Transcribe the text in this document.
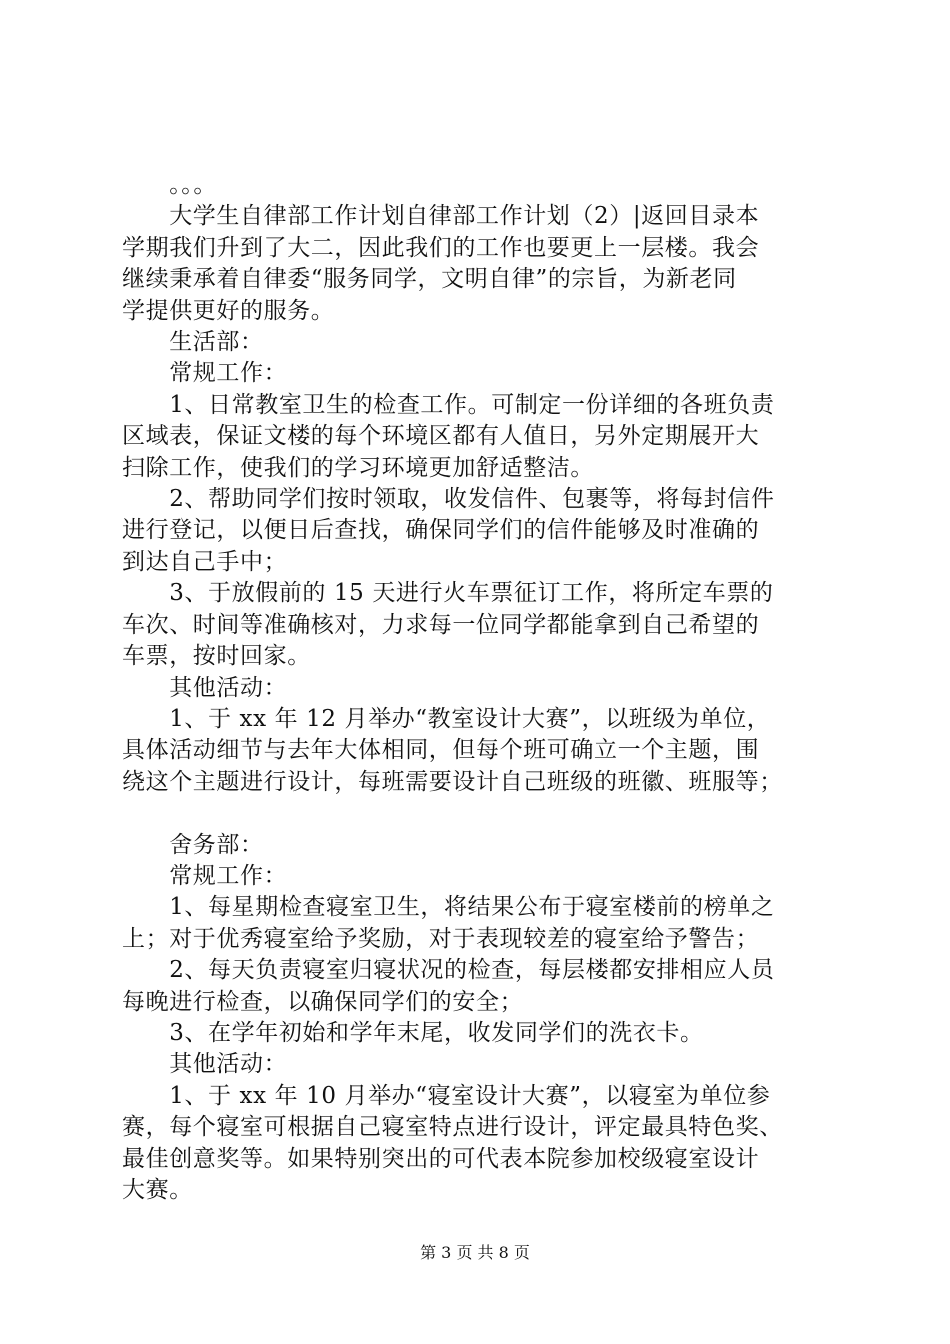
　　。。。
　　大学生自律部工作计划自律部工作计划（2）|返回目录本
学期我们升到了大二，因此我们的工作也要更上一层楼。我会
继续秉承着自律委“服务同学，文明自律”的宗旨，为新老同
学提供更好的服务。
　　生活部：
　　常规工作：
　　1、日常教室卫生的检查工作。可制定一份详细的各班负责
区域表，保证文楼的每个环境区都有人值日，另外定期展开大
扫除工作，使我们的学习环境更加舒适整洁。
　　2、帮助同学们按时领取，收发信件、包裹等，将每封信件
进行登记，以便日后查找，确保同学们的信件能够及时准确的
到达自己手中；
　　3、于放假前的 15 天进行火车票征订工作，将所定车票的
车次、时间等准确核对，力求每一位同学都能拿到自己希望的
车票，按时回家。
　　其他活动：
　　1、于 xx 年 12 月举办“教室设计大赛”，以班级为单位，
具体活动细节与去年大体相同，但每个班可确立一个主题，围
绕这个主题进行设计，每班需要设计自己班级的班徽、班服等；
　　舍务部：
　　常规工作：
　　1、每星期检查寝室卫生，将结果公布于寝室楼前的榜单之
上；对于优秀寝室给予奖励，对于表现较差的寝室给予警告；
　　2、每天负责寝室归寝状况的检查，每层楼都安排相应人员
每晚进行检查，以确保同学们的安全；
　　3、在学年初始和学年末尾，收发同学们的洗衣卡。
　　其他活动：
　　1、于 xx 年 10 月举办“寝室设计大赛”，以寝室为单位参
赛，每个寝室可根据自己寝室特点进行设计，评定最具特色奖、
最佳创意奖等。如果特别突出的可代表本院参加校级寝室设计
大赛。
第 3 页 共 8 页
